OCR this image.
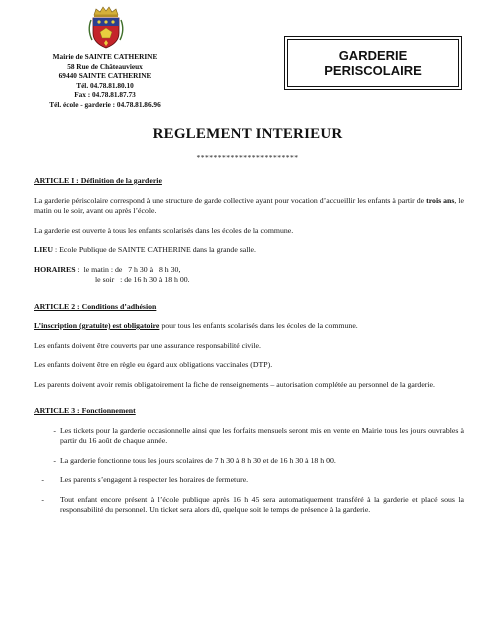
Mairie de SAINTE CATHERINE
58 Rue de Châteauvieux
69440 SAINTE CATHERINE
Tél. 04.78.81.80.10
Fax : 04.78.81.87.73
Tél. école - garderie : 04.78.81.86.96
GARDERIE
PERISCOLAIRE
REGLEMENT INTERIEUR
************************

ARTICLE I : Définition de la garderie

La garderie périscolaire correspond à une structure de garde collective ayant pour vocation d’accueillir les enfants à partir de trois ans, le matin ou le soir, avant ou après l’école.

La garderie est ouverte à tous les enfants scolarisés dans les écoles de la commune.

LIEU : Ecole Publique de SAINTE CATHERINE dans la grande salle.

HORAIRES :  le matin : de   7 h 30 à   8 h 30,
le soir   : de 16 h 30 à 18 h 00.

ARTICLE 2 : Conditions d’adhésion

L’inscription (gratuite) est obligatoire pour tous les enfants scolarisés dans les écoles de la commune.

Les enfants doivent être couverts par une assurance responsabilité civile.

Les enfants doivent être en règle eu égard aux obligations vaccinales (DTP).

Les parents doivent avoir remis obligatoirement la fiche de renseignements – autorisation complétée au personnel de la garderie.

ARTICLE 3 : Fonctionnement

- Les tickets pour la garderie occasionnelle ainsi que les forfaits mensuels seront mis en vente en Mairie tous les jours ouvrables à partir du 16 août de chaque année.
- La garderie fonctionne tous les jours scolaires de 7 h 30 à 8 h 30 et de 16 h 30 à 18 h 00.
- Les parents s’engagent à respecter les horaires de fermeture.
- Tout enfant encore présent à l’école publique après 16 h 45 sera automatiquement transféré à la garderie et placé sous la responsabilité du personnel. Un ticket sera alors dû, quelque soit le temps de présence à la garderie.
